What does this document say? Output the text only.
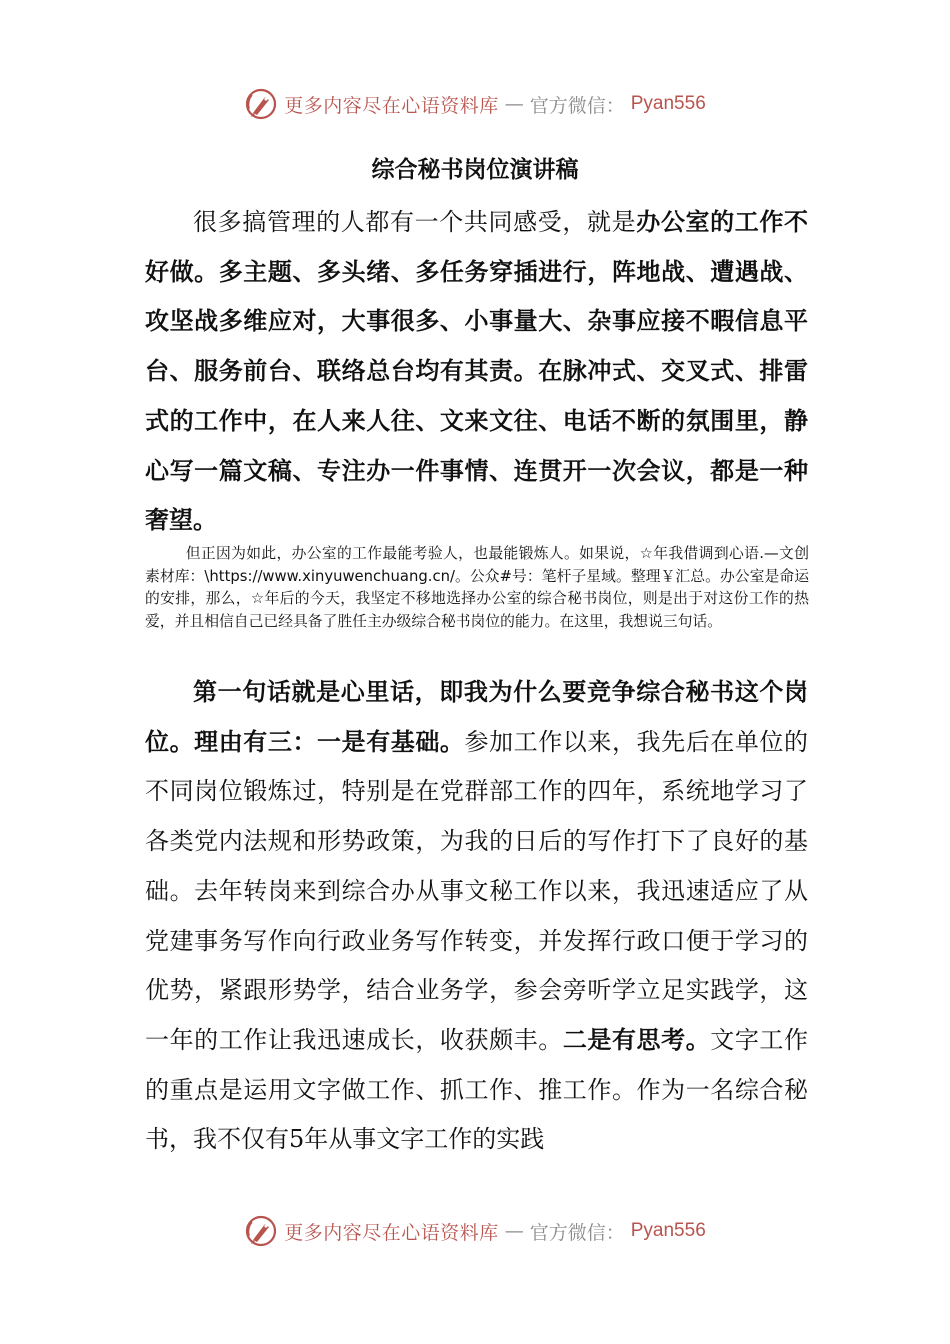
更多内容尽在心语资料库 — 官方微信： Pyan556
综合秘书岗位演讲稿

很多搞管理的人都有一个共同感受，就是办公室的工作不好做。多主题、多头绪、多任务穿插进行，阵地战、遭遇战、攻坚战多维应对，大事很多、小事量大、杂事应接不暇信息平台、服务前台、联络总台均有其责。在脉冲式、交叉式、排雷式的工作中，在人来人往、文来文往、电话不断的氛围里，静心写一篇文稿、专注办一件事情、连贯开一次会议，都是一种奢望。

但正因为如此，办公室的工作最能考验人，也最能锻炼人。如果说，☆年我借调到心语.—文创素材库：\https://www.xinyuwenchuang.cn/。公众#号：笔杆子星域。整理￥汇总。办公室是命运的安排，那么，☆年后的今天，我坚定不移地选择办公室的综合秘书岗位，则是出于对这份工作的热爱，并且相信自己已经具备了胜任主办级综合秘书岗位的能力。在这里，我想说三句话。

第一句话就是心里话，即我为什么要竞争综合秘书这个岗位。理由有三：一是有基础。参加工作以来，我先后在单位的不同岗位锻炼过，特别是在党群部工作的四年，系统地学习了各类党内法规和形势政策，为我的日后的写作打下了良好的基础。去年转岗来到综合办从事文秘工作以来，我迅速适应了从党建事务写作向行政业务写作转变，并发挥行政口便于学习的优势，紧跟形势学，结合业务学，参会旁听学立足实践学，这一年的工作让我迅速成长，收获颇丰。二是有思考。文字工作的重点是运用文字做工作、抓工作、推工作。作为一名综合秘书，我不仅有5年从事文字工作的实践

更多内容尽在心语资料库 — 官方微信： Pyan556
